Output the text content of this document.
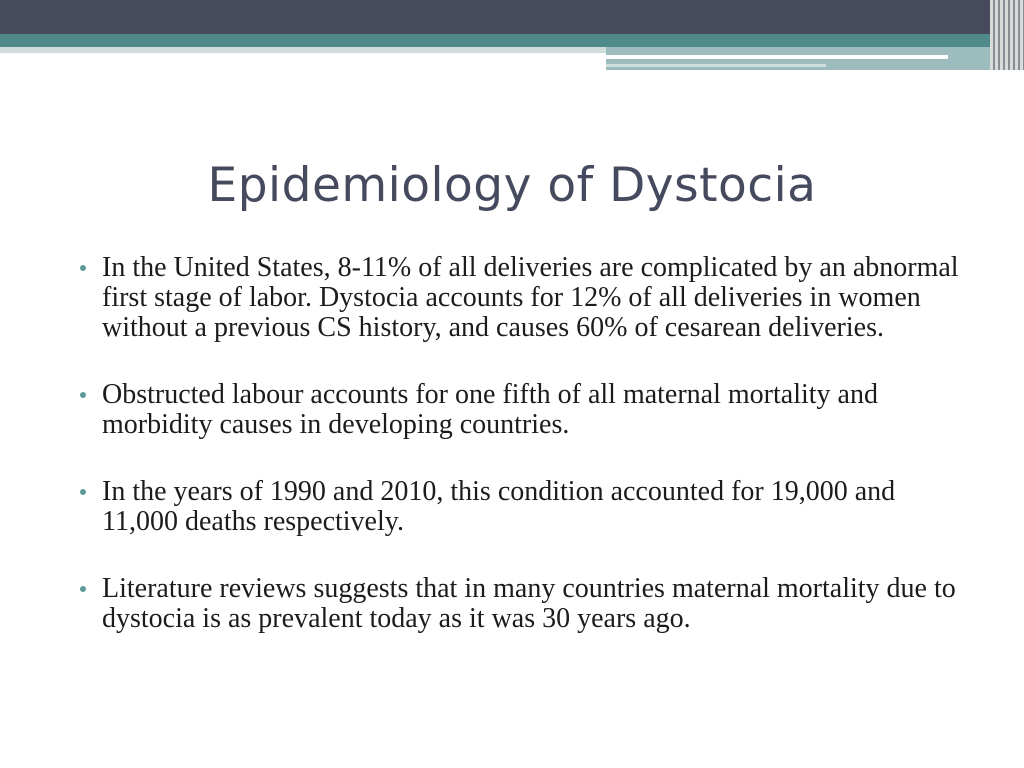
Epidemiology of Dystocia
In the United States, 8-11% of all deliveries are complicated by an abnormal first stage of labor. Dystocia accounts for 12% of all deliveries in women without a previous CS history, and causes 60% of cesarean deliveries.
Obstructed labour accounts for one fifth of all maternal mortality and morbidity causes in developing countries.
In the years of 1990 and 2010, this condition accounted for 19,000 and 11,000 deaths respectively.
Literature reviews suggests that in many countries maternal mortality due to dystocia is as prevalent today as it was 30 years ago.
